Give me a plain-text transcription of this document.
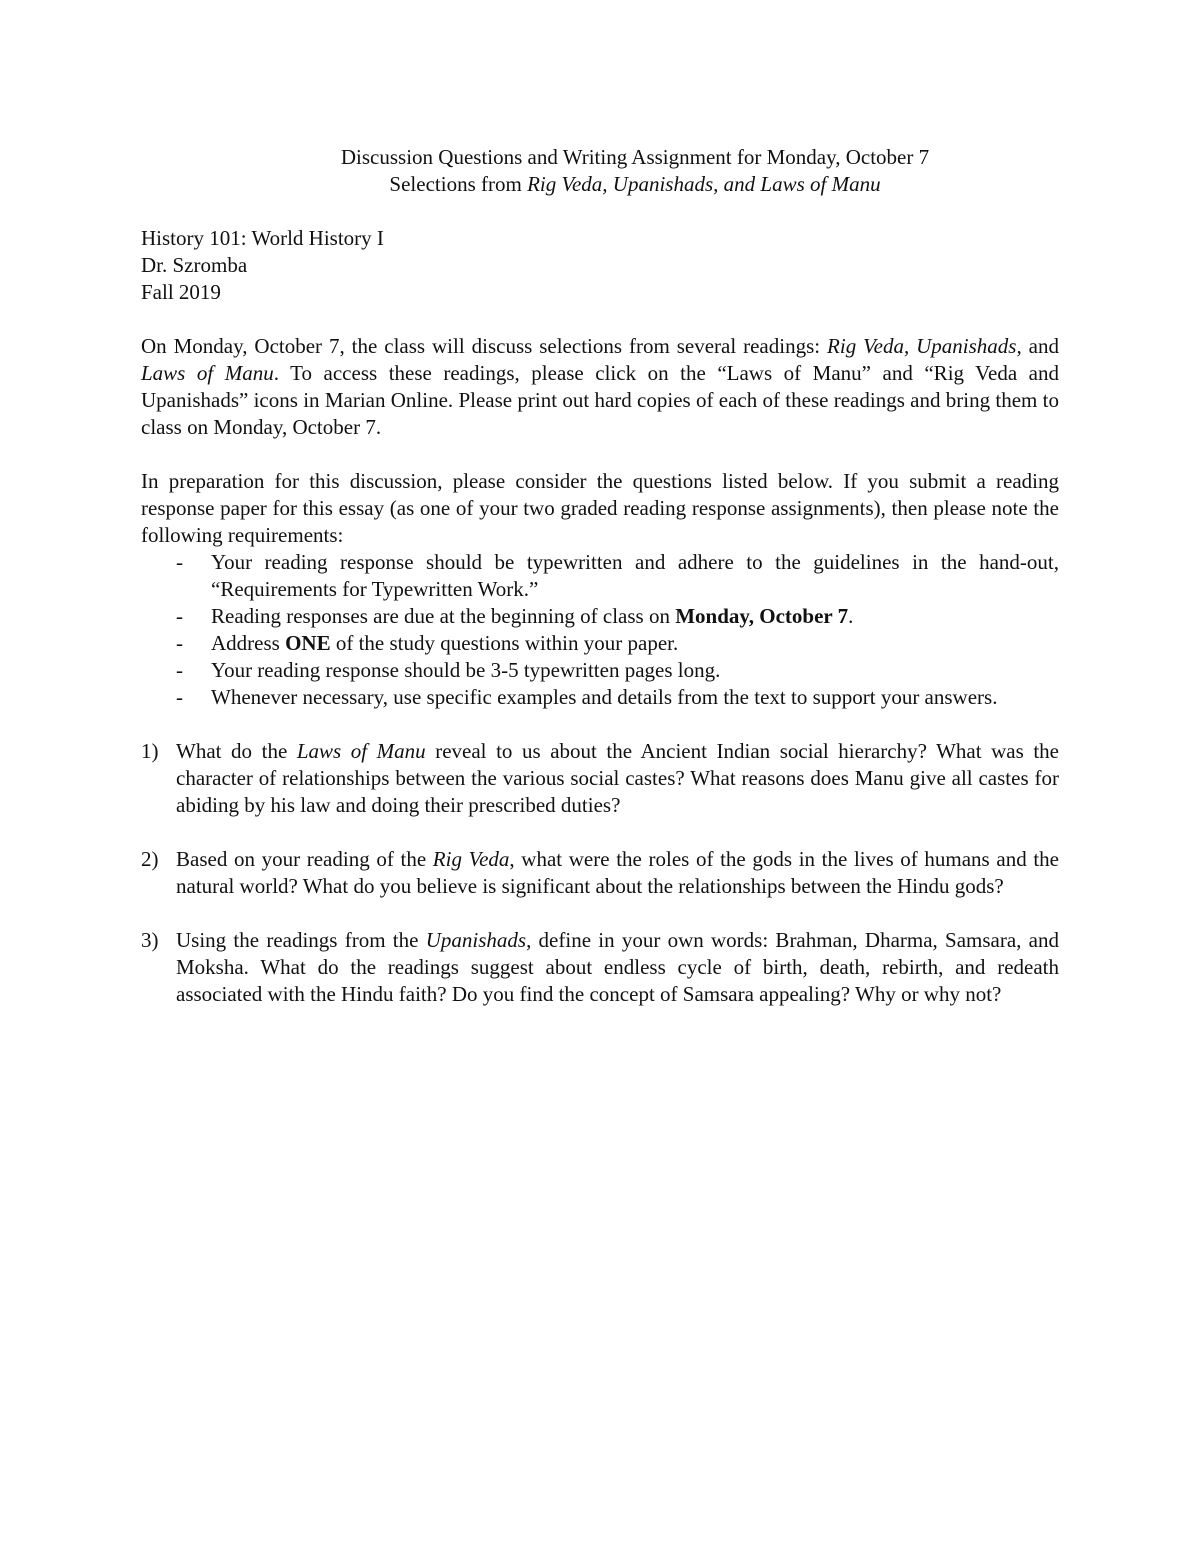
Discussion Questions and Writing Assignment for Monday, October 7
Selections from Rig Veda, Upanishads, and Laws of Manu
History 101: World History I
Dr. Szromba
Fall 2019

On Monday, October 7, the class will discuss selections from several readings: Rig Veda, Upanishads, and Laws of Manu. To access these readings, please click on the “Laws of Manu” and “Rig Veda and Upanishads” icons in Marian Online. Please print out hard copies of each of these readings and bring them to class on Monday, October 7.

In preparation for this discussion, please consider the questions listed below. If you submit a reading response paper for this essay (as one of your two graded reading response assignments), then please note the following requirements:

- Your reading response should be typewritten and adhere to the guidelines in the hand-out, “Requirements for Typewritten Work.”
- Reading responses are due at the beginning of class on Monday, October 7.
- Address ONE of the study questions within your paper.
- Your reading response should be 3-5 typewritten pages long.
- Whenever necessary, use specific examples and details from the text to support your answers.
1) What do the Laws of Manu reveal to us about the Ancient Indian social hierarchy? What was the character of relationships between the various social castes? What reasons does Manu give all castes for abiding by his law and doing their prescribed duties?
2) Based on your reading of the Rig Veda, what were the roles of the gods in the lives of humans and the natural world? What do you believe is significant about the relationships between the Hindu gods?
3) Using the readings from the Upanishads, define in your own words: Brahman, Dharma, Samsara, and Moksha. What do the readings suggest about endless cycle of birth, death, rebirth, and redeath associated with the Hindu faith? Do you find the concept of Samsara appealing? Why or why not?
